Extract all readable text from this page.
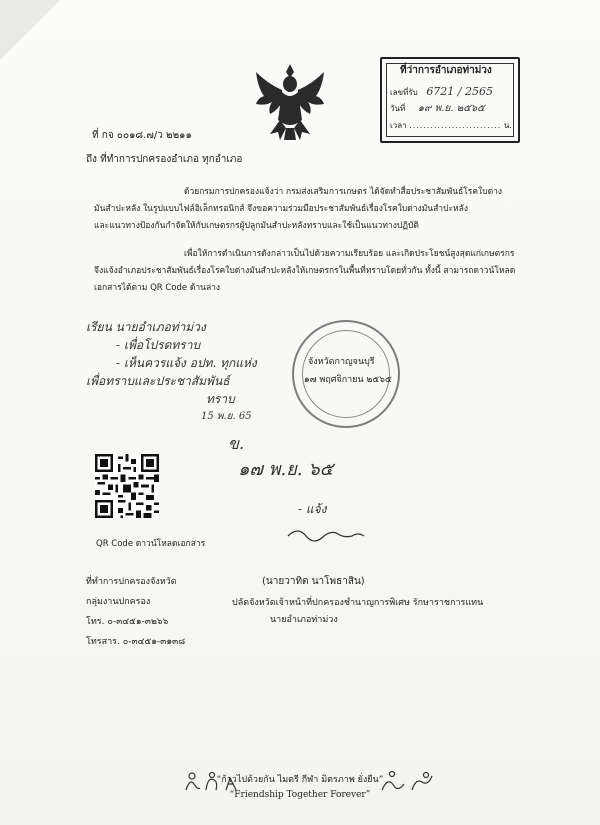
ที่ว่าการอำเภอท่าม่วง
เลขที่รับ 6721 / 2565
วันที่ ๑๙ พ.ย. ๒๕๖๕
เวลา .......................... น.
ที่ กจ ๐๐๑๘.๗/ว ๒๒๑๑
ถึง ที่ทำการปกครองอำเภอ ทุกอำเภอ
ด้วยกรมการปกครองแจ้งว่า กรมส่งเสริมการเกษตร ได้จัดทำสื่อประชาสัมพันธ์โรคใบด่าง
มันสำปะหลัง ในรูปแบบไฟล์อิเล็กทรอนิกส์ จึงขอความร่วมมือประชาสัมพันธ์เรื่องโรคใบด่างมันสำปะหลัง
และแนวทางป้องกันกำจัดให้กับเกษตรกรผู้ปลูกมันสำปะหลังทราบและใช้เป็นแนวทางปฏิบัติ
เพื่อให้การดำเนินการดังกล่าวเป็นไปด้วยความเรียบร้อย และเกิดประโยชน์สูงสุดแก่เกษตรกร
จึงแจ้งอำเภอประชาสัมพันธ์เรื่องโรคใบด่างมันสำปะหลังให้เกษตรกรในพื้นที่ทราบโดยทั่วกัน ทั้งนี้ สามารถดาวน์โหลด
เอกสารได้ตาม QR Code ด้านล่าง
เรียน นายอำเภอท่าม่วง
- เพื่อโปรดทราบ
- เห็นควรแจ้ง อปท. ทุกแห่ง
เพื่อทราบและประชาสัมพันธ์
ทราบ
15 พ.ย. 65
จังหวัดกาญจนบุรี
๑๗ พฤศจิกายน ๒๕๖๕
ข.
๑๗ พ.ย. ๖๕
- แจ้ง
QR Code ดาวน์โหลดเอกสาร
(นายวาทิต นาโพธาสิน)
ปลัดจังหวัดเจ้าหน้าที่ปกครองชำนาญการพิเศษ รักษาราชการแทน
นายอำเภอท่าม่วง
ที่ทำการปกครองจังหวัด
กลุ่มงานปกครอง
โทร. ๐-๓๔๕๑-๓๒๖๖
โทรสาร. ๐-๓๔๕๑-๓๑๓๘
“ก้าวไปด้วยกัน ไมตรี กีฬา มิตรภาพ ยั่งยืน”
“Friendship Together Forever”
